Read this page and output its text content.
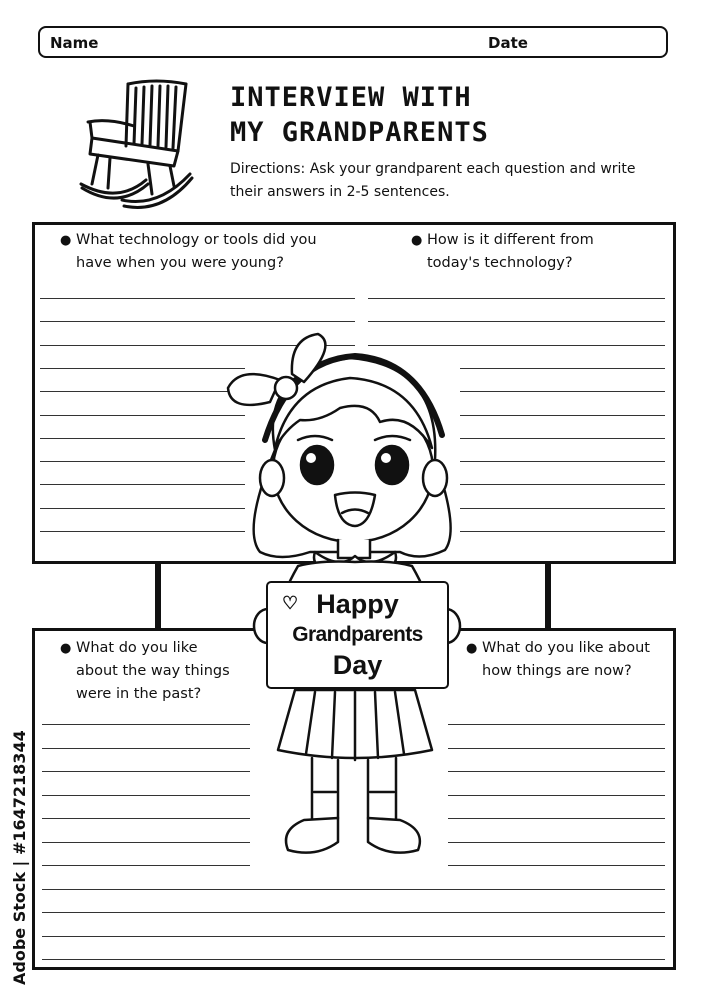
Name	Date
INTERVIEW WITH
MY GRANDPARENTS
Directions: Ask your grandparent each question and write their answers in 2-5 sentences.
● What technology or tools did you
have when you were young?
● How is it different from
today's technology?
● What do you like
about the way things
were in the past?
● What do you like about
how things are now?
♡ Happy
Grandparents
Day
Adobe Stock | #1647218344
